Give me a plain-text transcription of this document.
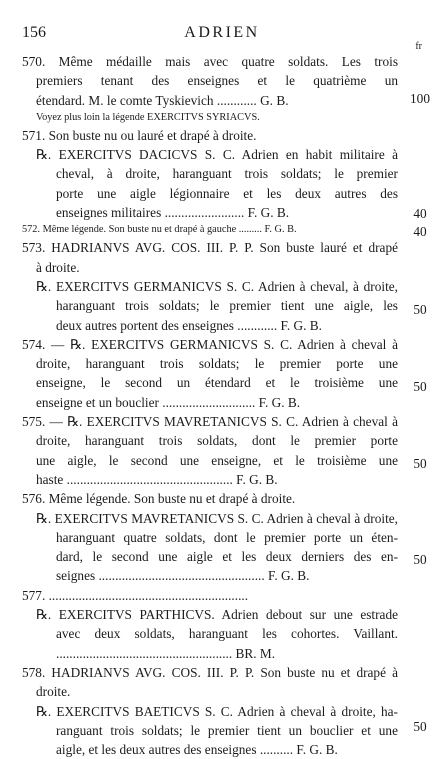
156	ADRIEN
fr
570. Même médaille mais avec quatre soldats. Les trois
premiers tenant des enseignes et le quatrième un
étendard. M. le comte Tyskievich ............ G. B.
Voyez plus loin la légende EXERCITVS SYRIACVS.
571. Son buste nu ou lauré et drapé à droite.
℞. EXERCITVS DACICVS S. C. Adrien en habit militaire à
cheval, à droite, haranguant trois soldats; le premier
porte une aigle légionnaire et les deux autres des
enseignes militaires ........................ F. G. B.
572. Même légende. Son buste nu et drapé à gauche ......... F. G. B.
573. HADRIANVS AVG. COS. III. P. P. Son buste lauré et drapé
à droite.
℞. EXERCITVS GERMANICVS S. C. Adrien à cheval, à droite,
haranguant trois soldats; le premier tient une aigle, les
deux autres portent des enseignes ............ F. G. B.
574. — ℞. EXERCITVS GERMANICVS S. C. Adrien à cheval à
droite, haranguant trois soldats; le premier porte une
enseigne, le second un étendard et le troisième une
enseigne et un bouclier ............................ F. G. B.
575. — ℞. EXERCITVS MAVRETANICVS S. C. Adrien à cheval à
droite, haranguant trois soldats, dont le premier porte
une aigle, le second une enseigne, et le troisième une
haste .................................................. F. G. B.
576. Même légende. Son buste nu et drapé à droite.
℞. EXERCITVS MAVRETANICVS S. C. Adrien à cheval à droite,
haranguant quatre soldats, dont le premier porte un éten-
dard, le second une aigle et les deux derniers des en-
seignes .................................................. F. G. B.
577. ............................................................
℞. EXERCITVS PARTHICVS. Adrien debout sur une estrade
avec deux soldats, haranguant les cohortes. Vaillant.
..................................................... BR. M.
578. HADRIANVS AVG. COS. III. P. P. Son buste nu et drapé à
droite.
℞. EXERCITVS BAETICVS S. C. Adrien à cheval à droite, ha-
ranguant trois soldats; le premier tient un bouclier et une
aigle, et les deux autres des enseignes .......... F. G. B.
100
40
40
50
50
50
50
50
